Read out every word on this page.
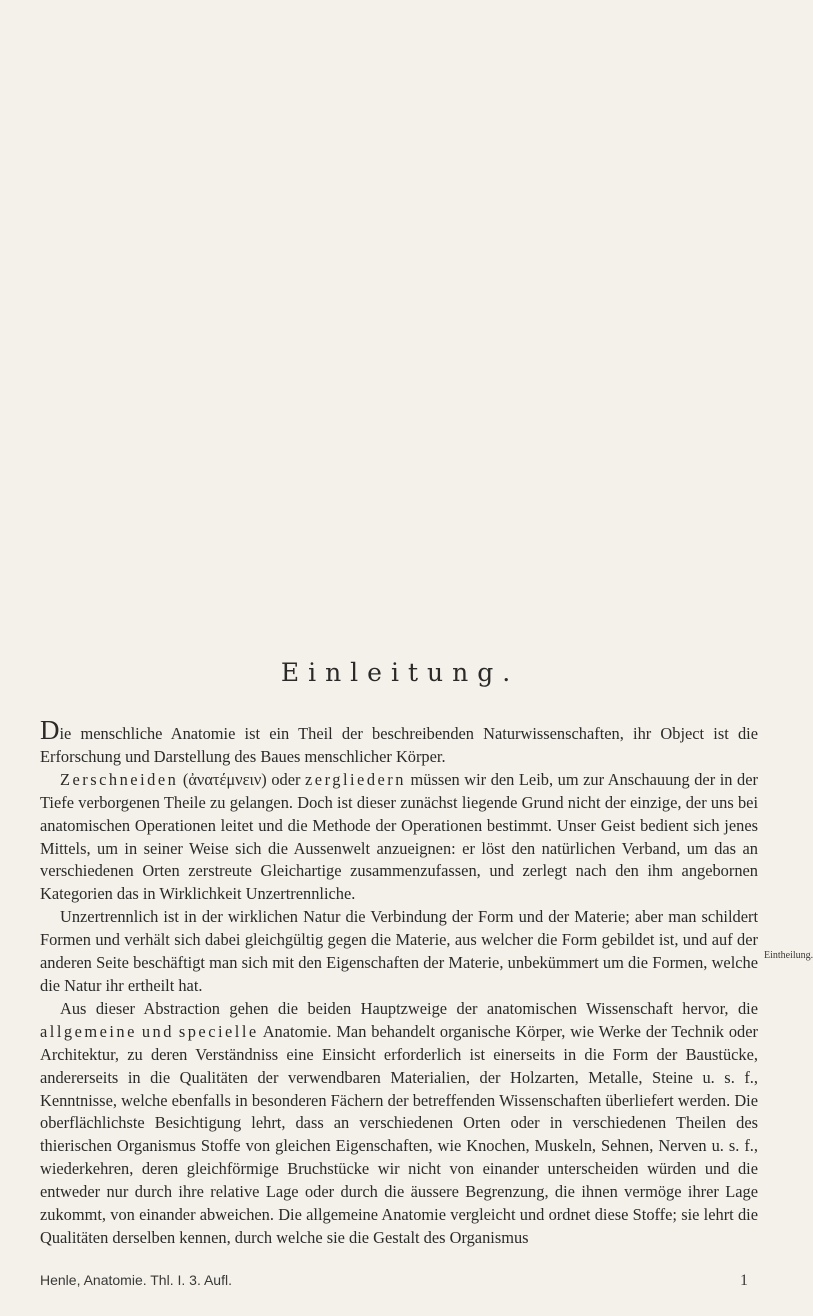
Einleitung.

Die menschliche Anatomie ist ein Theil der beschreibenden Naturwissenschaften, ihr Object ist die Erforschung und Darstellung des Baues menschlicher Körper.

Zerschneiden (ἀνατέμνειν) oder zergliedern müssen wir den Leib, um zur Anschauung der in der Tiefe verborgenen Theile zu gelangen. Doch ist dieser zunächst liegende Grund nicht der einzige, der uns bei anatomischen Operationen leitet und die Methode der Operationen bestimmt. Unser Geist bedient sich jenes Mittels, um in seiner Weise sich die Aussenwelt anzueignen: er löst den natürlichen Verband, um das an verschiedenen Orten zerstreute Gleichartige zusammenzufassen, und zerlegt nach den ihm angebornen Kategorien das in Wirklichkeit Unzertrennliche.

Unzertrennlich ist in der wirklichen Natur die Verbindung der Form und der Materie; aber man schildert Formen und verhält sich dabei gleichgültig gegen die Materie, aus welcher die Form gebildet ist, und auf der anderen Seite beschäftigt man sich mit den Eigenschaften der Materie, unbekümmert um die Formen, welche die Natur ihr ertheilt hat.

Aus dieser Abstraction gehen die beiden Hauptzweige der anatomischen Wissenschaft hervor, die allgemeine und specielle Anatomie. Man behandelt organische Körper, wie Werke der Technik oder Architektur, zu deren Verständniss eine Einsicht erforderlich ist einerseits in die Form der Baustücke, andererseits in die Qualitäten der verwendbaren Materialien, der Holzarten, Metalle, Steine u. s. f., Kenntnisse, welche ebenfalls in besonderen Fächern der betreffenden Wissenschaften überliefert werden. Die oberflächlichste Besichtigung lehrt, dass an verschiedenen Orten oder in verschiedenen Theilen des thierischen Organismus Stoffe von gleichen Eigenschaften, wie Knochen, Muskeln, Sehnen, Nerven u. s. f., wiederkehren, deren gleichförmige Bruchstücke wir nicht von einander unterscheiden würden und die entweder nur durch ihre relative Lage oder durch die äussere Begrenzung, die ihnen vermöge ihrer Lage zukommt, von einander abweichen. Die allgemeine Anatomie vergleicht und ordnet diese Stoffe; sie lehrt die Qualitäten derselben kennen, durch welche sie die Gestalt des Organismus

Eintheilung.
Henle, Anatomie. Thl. I. 3. Aufl.	1
